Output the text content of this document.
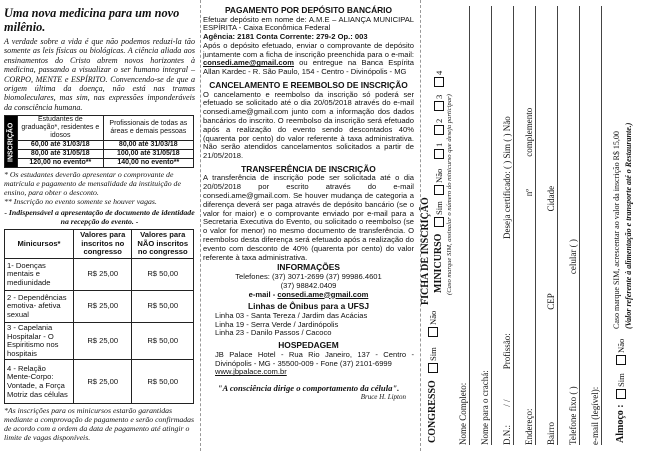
Uma nova medicina para um novo milênio.

A verdade sobre a vida é que não podemos reduzi-la tão somente as leis físicas ou biológicas. A ciência aliada aos ensinamentos do Cristo abrem novos horizontes à medicina, passando a visualizar o ser humano integral – CORPO, MENTE e ESPÍRITO. Convencendo-se de que a origem última da doença, não está nas tramas biomoleculares, mas sim, nas expressões imponderáveis da consciência humana.

INSCRIÇÃO	Estudantes de graduação*, residentes e idosos	Profissionais de todas as áreas e demais pessoas
	60,00 até 31/03/18	80,00 até 31/03/18
	80,00 até 31/05/18	100,00 até 31/05/18
	120,00 no evento**	140,00 no evento**

* Os estudantes deverão apresentar o comprovante de matrícula e pagamento de mensalidade da instituição de ensino, para obter o desconto.

** Inscrição no evento somente se houver vagas.

- Indispensável a apresentação de documento de identidade na recepção do evento. -

Minicursos*	Valores para inscritos no congresso	Valores para NÃO inscritos no congresso
1- Doenças mentais e mediunidade	R$ 25,00	R$ 50,00
2 - Dependências emotiva- afetiva sexual	R$ 25,00	R$ 50,00
3 - Capelania Hospitalar - O Espiritismo nos hospitais	R$ 25,00	R$ 50,00
4 - Relação Mente-Corpo: Vontade, a Força Motriz das células	R$ 25,00	R$ 50,00

*As inscrições para os minicursos estarão garantidas mediante a comprovação de pagamento e serão confirmadas de acordo com a ordem da data de pagamento até atingir o limite de vagas disponíveis.

PAGAMENTO POR DEPÓSITO BANCÁRIO

Efetuar depósito em nome de: A.M.E – ALIANÇA MUNICIPAL ESPÍRITA - Caixa Econômica Federal

Agência: 2181 Conta Corrente: 279-2 Op.: 003

Após o depósito efetuado, enviar o comprovante de depósito juntamente com a ficha de inscrição preenchida para o e-mail: consedi.ame@gmail.com ou entregue na Banca Espírita Allan Kardec - R. São Paulo, 154 - Centro - Divinópolis - MG

CANCELAMENTO E REEMBOLSO DE INSCRIÇÃO

O cancelamento e reembolso da inscrição só poderá ser efetuado se solicitado até o dia 20/05/2018 através do e-mail consedi.ame@gmail.com junto com a informação dos dados bancários do inscrito. O reembolso da inscrição será efetuado após a realização do evento sendo descontados 40% (quarenta por cento) do valor referente à taxa administrativa. Não serão atendidos cancelamentos solicitados a partir de 21/05/2018.

TRANSFERÊNCIA DE INSCRIÇÃO

A transferência de inscrição pode ser solicitada até o dia 20/05/2018 por escrito através do e-mail consedi.ame@gmail.com. Se houver mudança de categoria a diferença deverá ser paga através de depósito bancário (se o valor for maior) e o comprovante enviado por e-mail para a Secretaria Executiva do Evento, ou solicitado o reembolso (se o valor for menor) no mesmo documento de transferência. O reembolso desta diferença será efetuado após a realização do evento com desconto de 40% (quarenta por cento) do valor referente à taxa administrativa.

INFORMAÇÕES

Telefones: (37) 3071-2699 (37) 99986.4601

(37) 98842.0409

e-mail - consedi.ame@gmail.com

Linhas de Ônibus para a UFSJ

Linha 03 - Santa Tereza / Jardim das Acácias

Linha 19 - Serra Verde / Jardinópolis

Linha 23 - Danilo Passos / Cacoco

HOSPEDAGEM

JB Palace Hotel - Rua Rio Janeiro, 137 - Centro - Divinópolis - MG - 35500-009 - Fone (37) 2101-6999

www.jbpalace.com.br

"A consciência dirige o comportamento da célula".
Bruce H. Lipton CONGRESSO
Sim
Não
FICHA DE INSCRIÇÃO MINICURSO
Sim
Não
1
2
3
4
(Caso marque SIM, assinalar o número do minicurso que deseja participar)
Nome Completo: Nome para o crachá: D.N.: / / Profissão: Deseja certificado: ( ) Sim ( ) Não
Endereço: nº complemento
Bairro CEP Cidade
Telefone fixo ( ) celular ( )
e-mail (legível): Almoço :
Sim
Não
Caso marque SIM, acrescentar ao valor da inscrição R$ 15,00 (Valor referente à alimentação e transporte até o Restaurante.)
